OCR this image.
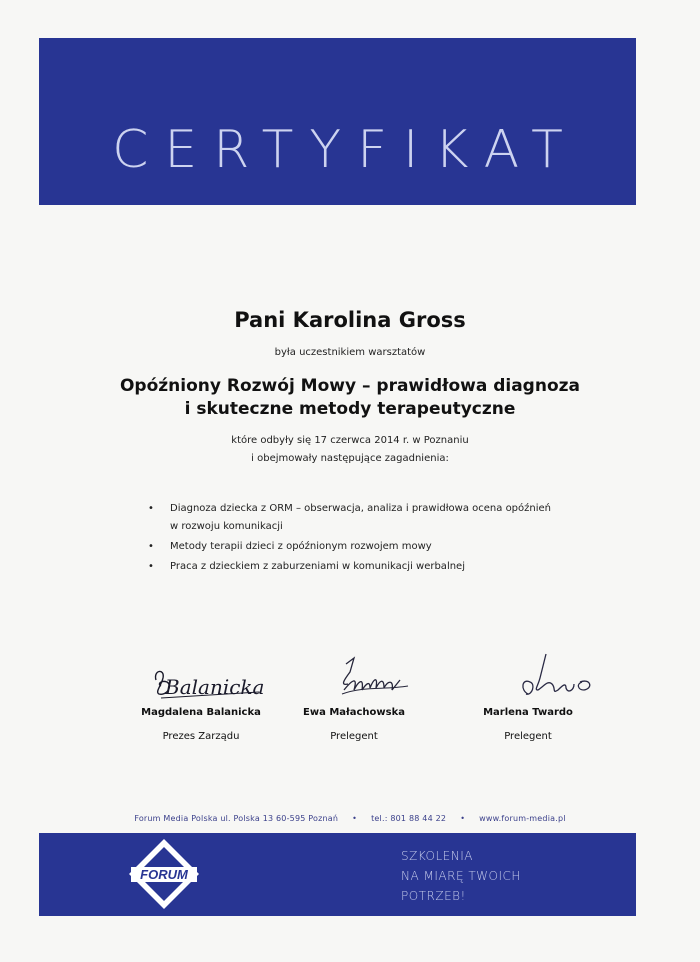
CERTYFIKAT
Pani Karolina Gross
była uczestnikiem warsztatów
Opóźniony Rozwój Mowy – prawidłowa diagnoza
i skuteczne metody terapeutyczne
które odbyły się 17 czerwca 2014 r. w Poznaniu
i obejmowały następujące zagadnienia:
• Diagnoza dziecka z ORM – obserwacja, analiza i prawidłowa ocena opóźnień
w rozwoju komunikacji
• Metody terapii dzieci z opóźnionym rozwojem mowy
• Praca z dzieckiem z zaburzeniami w komunikacji werbalnej
Balanicka
Magdalena Balanicka
Prezes Zarządu
Ewa Małachowska
Prelegent
Marlena Twardo
Prelegent
Forum Media Polska ul. Polska 13 60-595 Poznań • tel.: 801 88 44 22 • www.forum-media.pl
FORUM
SZKOLENIA
NA MIARĘ TWOICH
POTRZEB!
